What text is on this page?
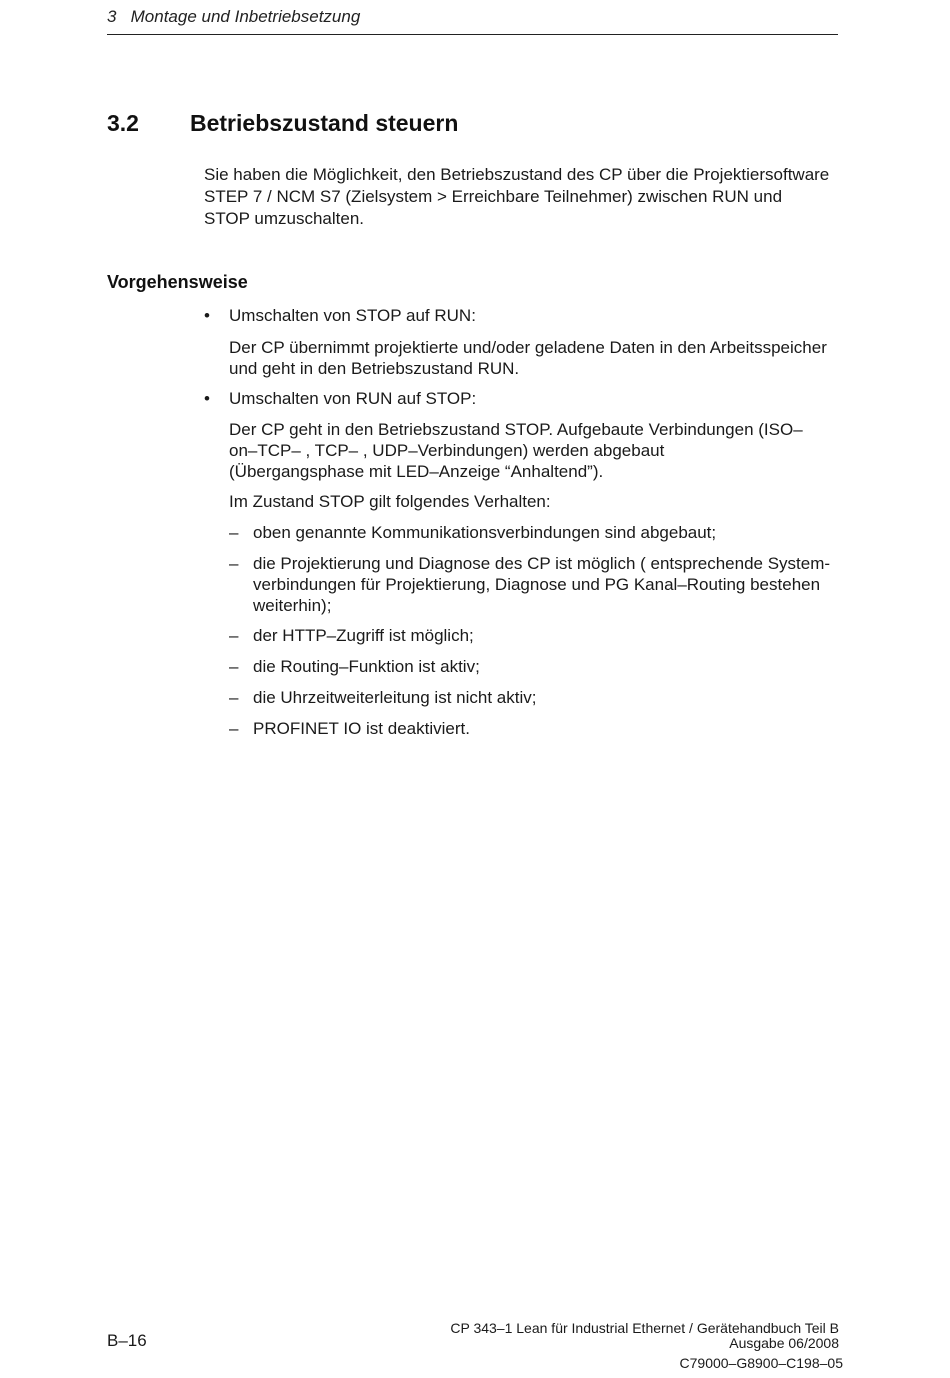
3   Montage und Inbetriebsetzung
3.2 Betriebszustand steuern
Sie haben die Möglichkeit, den Betriebszustand des CP über die Projektiersoftware
STEP 7 / NCM S7 (Zielsystem > Erreichbare Teilnehmer) zwischen RUN und
STOP umzuschalten.
Vorgehensweise
• Umschalten von STOP auf RUN:
Der CP übernimmt projektierte und/oder geladene Daten in den Arbeitsspeicher
und geht in den Betriebszustand RUN.
• Umschalten von RUN auf STOP:
Der CP geht in den Betriebszustand STOP. Aufgebaute Verbindungen (ISO–
on–TCP– , TCP– , UDP–Verbindungen) werden abgebaut
(Übergangsphase mit LED–Anzeige “Anhaltend”).
Im Zustand STOP gilt folgendes Verhalten:
– oben genannte Kommunikationsverbindungen sind abgebaut;
– die Projektierung und Diagnose des CP ist möglich ( entsprechende System-
verbindungen für Projektierung, Diagnose und PG Kanal–Routing bestehen
weiterhin);
– der HTTP–Zugriff ist möglich;
– die Routing–Funktion ist aktiv;
– die Uhrzeitweiterleitung ist nicht aktiv;
– PROFINET IO ist deaktiviert.
B–16
CP 343–1 Lean für Industrial Ethernet / Gerätehandbuch Teil B
Ausgabe 06/2008
C79000–G8900–C198–05
